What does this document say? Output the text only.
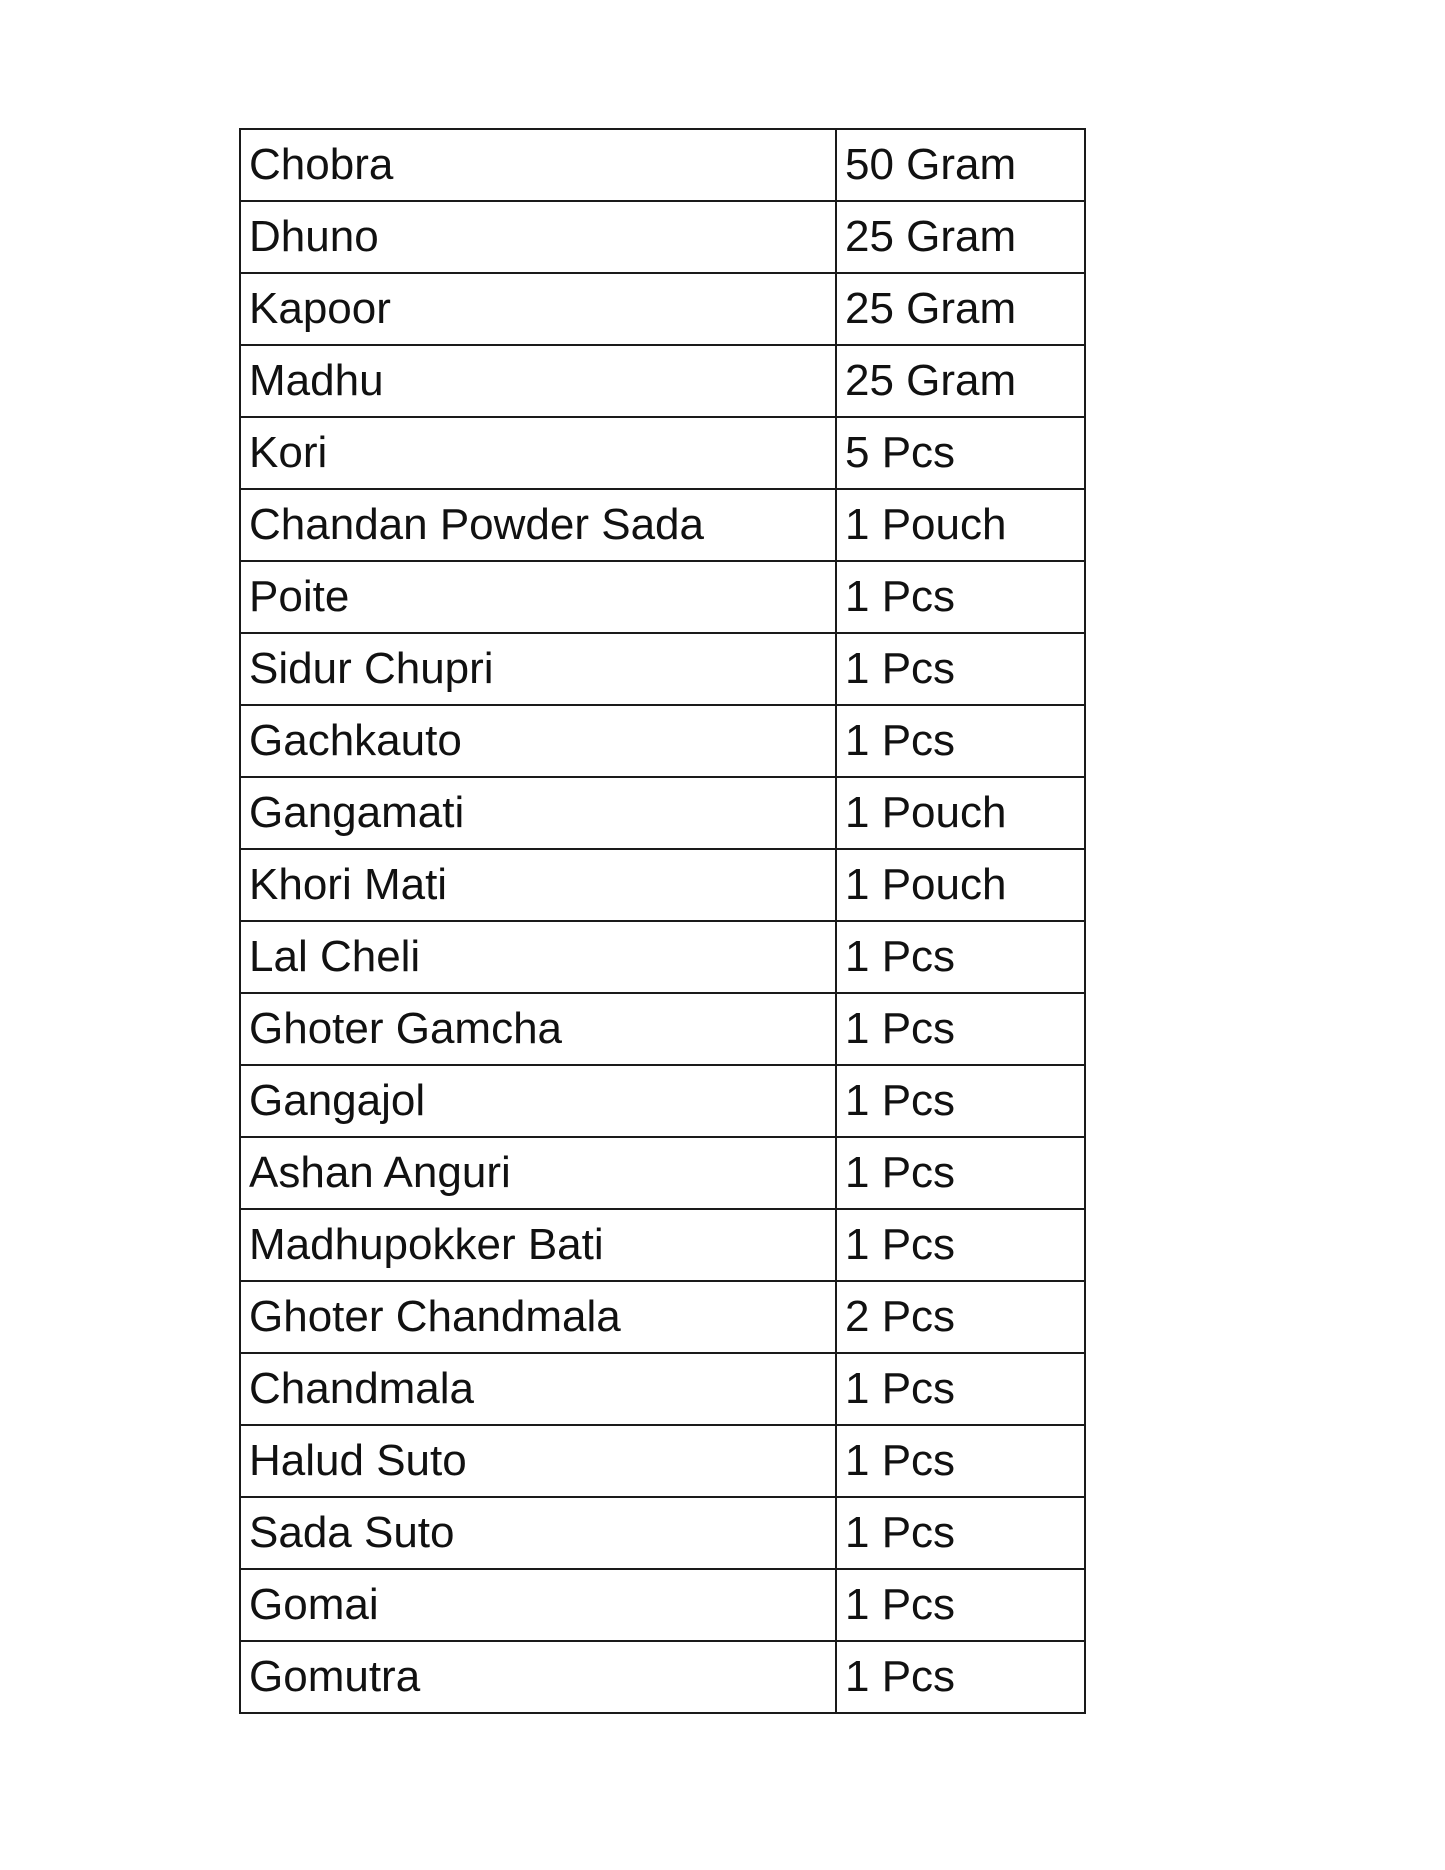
Chobra	50 Gram
Dhuno	25 Gram
Kapoor	25 Gram
Madhu	25 Gram
Kori	5 Pcs
Chandan Powder Sada	1 Pouch
Poite	1 Pcs
Sidur Chupri	1 Pcs
Gachkauto	1 Pcs
Gangamati	1 Pouch
Khori Mati	1 Pouch
Lal Cheli	1 Pcs
Ghoter Gamcha	1 Pcs
Gangajol	1 Pcs
Ashan Anguri	1 Pcs
Madhupokker Bati	1 Pcs
Ghoter Chandmala	2 Pcs
Chandmala	1 Pcs
Halud Suto	1 Pcs
Sada Suto	1 Pcs
Gomai	1 Pcs
Gomutra	1 Pcs
